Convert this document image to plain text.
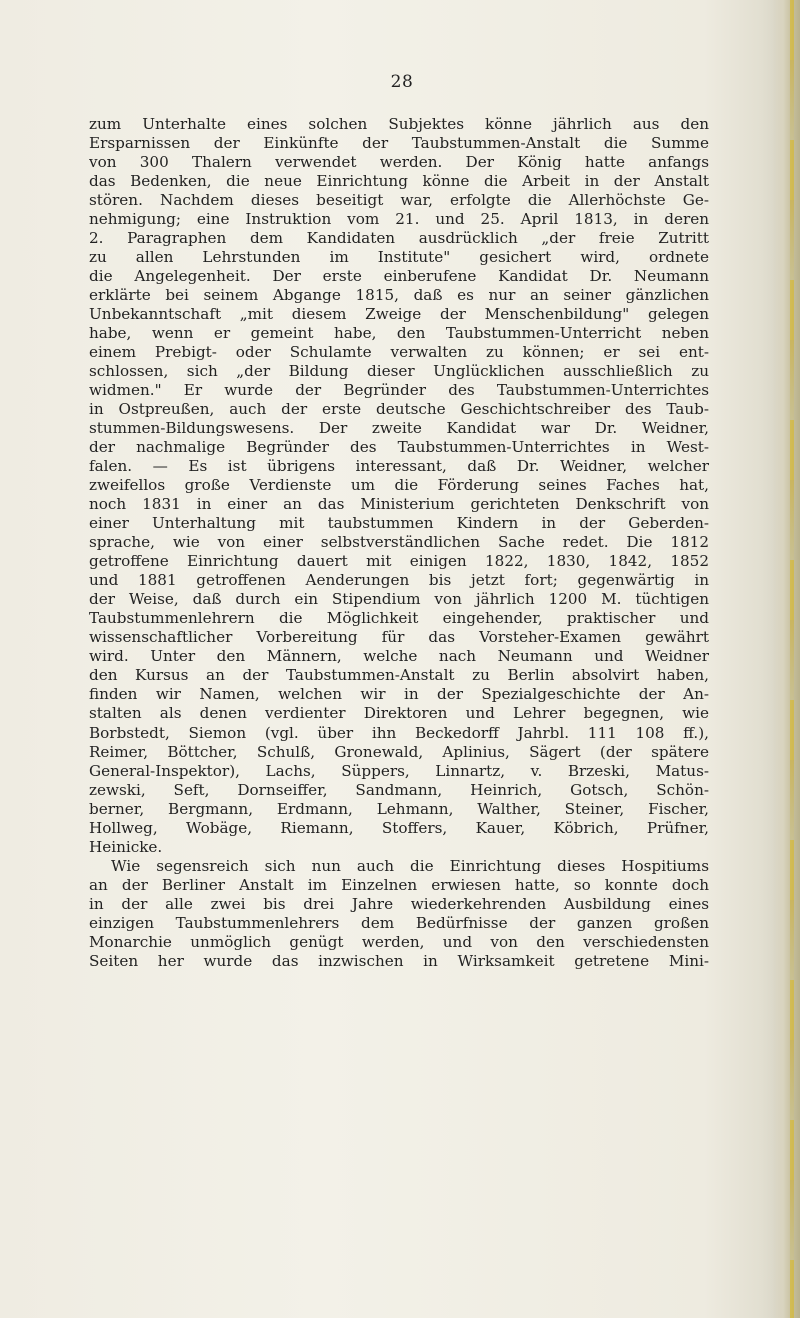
28
zum Unterhalte eines solchen Subjektes könne jährlich aus den
Ersparnissen der Einkünfte der Taubstummen-Anstalt die Summe
von 300 Thalern verwendet werden. Der König hatte anfangs
das Bedenken, die neue Einrichtung könne die Arbeit in der Anstalt
stören. Nachdem dieses beseitigt war, erfolgte die Allerhöchste Ge-
nehmigung; eine Instruktion vom 21. und 25. April 1813, in deren
2. Paragraphen dem Kandidaten ausdrücklich „der freie Zutritt
zu allen Lehrstunden im Institute" gesichert wird, ordnete
die Angelegenheit. Der erste einberufene Kandidat Dr. Neumann
erklärte bei seinem Abgange 1815, daß es nur an seiner gänzlichen
Unbekanntschaft „mit diesem Zweige der Menschenbildung" gelegen
habe, wenn er gemeint habe, den Taubstummen-Unterricht neben
einem Prebigt- oder Schulamte verwalten zu können; er sei ent-
schlossen, sich „der Bildung dieser Unglücklichen ausschließlich zu
widmen." Er wurde der Begründer des Taubstummen-Unterrichtes
in Ostpreußen, auch der erste deutsche Geschichtschreiber des Taub-
stummen-Bildungswesens. Der zweite Kandidat war Dr. Weidner,
der nachmalige Begründer des Taubstummen-Unterrichtes in West-
falen. — Es ist übrigens interessant, daß Dr. Weidner, welcher
zweifellos große Verdienste um die Förderung seines Faches hat,
noch 1831 in einer an das Ministerium gerichteten Denkschrift von
einer Unterhaltung mit taubstummen Kindern in der Geberden-
sprache, wie von einer selbstverständlichen Sache redet. Die 1812
getroffene Einrichtung dauert mit einigen 1822, 1830, 1842, 1852
und 1881 getroffenen Aenderungen bis jetzt fort; gegenwärtig in
der Weise, daß durch ein Stipendium von jährlich 1200 M. tüchtigen
Taubstummenlehrern die Möglichkeit eingehender, praktischer und
wissenschaftlicher Vorbereitung für das Vorsteher-Examen gewährt
wird. Unter den Männern, welche nach Neumann und Weidner
den Kursus an der Taubstummen-Anstalt zu Berlin absolvirt haben,
finden wir Namen, welchen wir in der Spezialgeschichte der An-
stalten als denen verdienter Direktoren und Lehrer begegnen, wie
Borbstedt, Siemon (vgl. über ihn Beckedorff Jahrbl. 111 108 ff.),
Reimer, Böttcher, Schulß, Gronewald, Aplinius, Sägert (der spätere
General-Inspektor), Lachs, Süppers, Linnartz, v. Brzeski, Matus-
zewski, Seft, Dornseiffer, Sandmann, Heinrich, Gotsch, Schön-
berner, Bergmann, Erdmann, Lehmann, Walther, Steiner, Fischer,
Hollweg, Wobäge, Riemann, Stoffers, Kauer, Köbrich, Prüfner,
Heinicke.
Wie segensreich sich nun auch die Einrichtung dieses Hospitiums
an der Berliner Anstalt im Einzelnen erwiesen hatte, so konnte doch
in der alle zwei bis drei Jahre wiederkehrenden Ausbildung eines
einzigen Taubstummenlehrers dem Bedürfnisse der ganzen großen
Monarchie unmöglich genügt werden, und von den verschiedensten
Seiten her wurde das inzwischen in Wirksamkeit getretene Mini-
